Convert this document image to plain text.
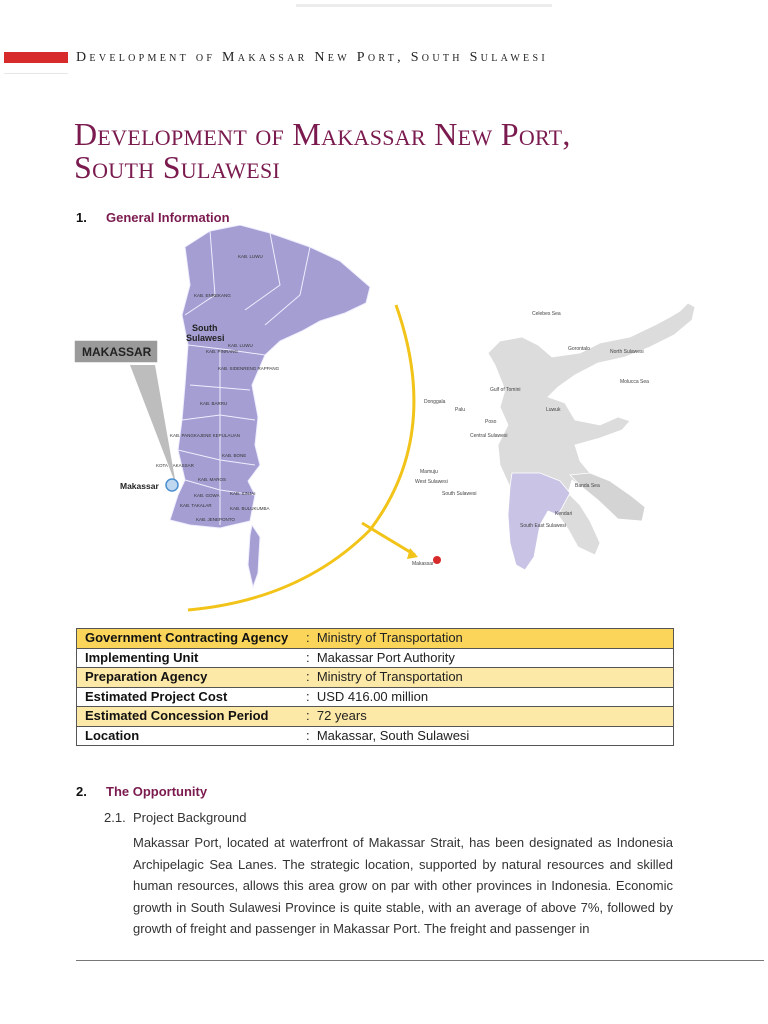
Development of Makassar New Port, South Sulawesi
Development of Makassar New Port,
South Sulawesi
1. General Information
Celebes Sea
North Sulawesi
Gorontalo
Molucca Sea
Gulf of Tomini
Donggala
Palu
Poso
Luwuk
Central Sulawesi
Mamuju
West Sulawesi
South Sulawesi
Banda Sea
Kendari
South East Sulawesi
Makassar
KAB. LUWU
KAB. ENREKANG
KAB. PINRANG
KAB. LUWU
KAB. SIDENRENG RAPPANG
KAB. PANGKAJENE KEPULAUAN
KAB. BARRU
KAB. BONE
KOTA MAKASSAR
KAB. MAROS
KAB. GOWA
KAB. TAKALAR
KAB. JENEPONTO
KAB. SINJAI
KAB. BULUKUMBA
South
Sulawesi
MAKASSAR
Makassar
Government Contracting Agency	:  Ministry of Transportation
Implementing Unit	:  Makassar Port Authority
Preparation Agency	:  Ministry of Transportation
Estimated Project Cost	:  USD 416.00 million
Estimated Concession Period	:  72 years
Location	:  Makassar, South Sulawesi
2. The Opportunity
2.1. Project Background

Makassar Port, located at waterfront of Makassar Strait, has been designated as Indonesia Archipelagic Sea Lanes. The strategic location, supported by natural resources and skilled human resources, allows this area grow on par with other provinces in Indonesia. Economic growth in South Sulawesi Province is quite stable, with an average of above 7%, followed by growth of freight and passenger in Makassar Port. The freight and passenger in
